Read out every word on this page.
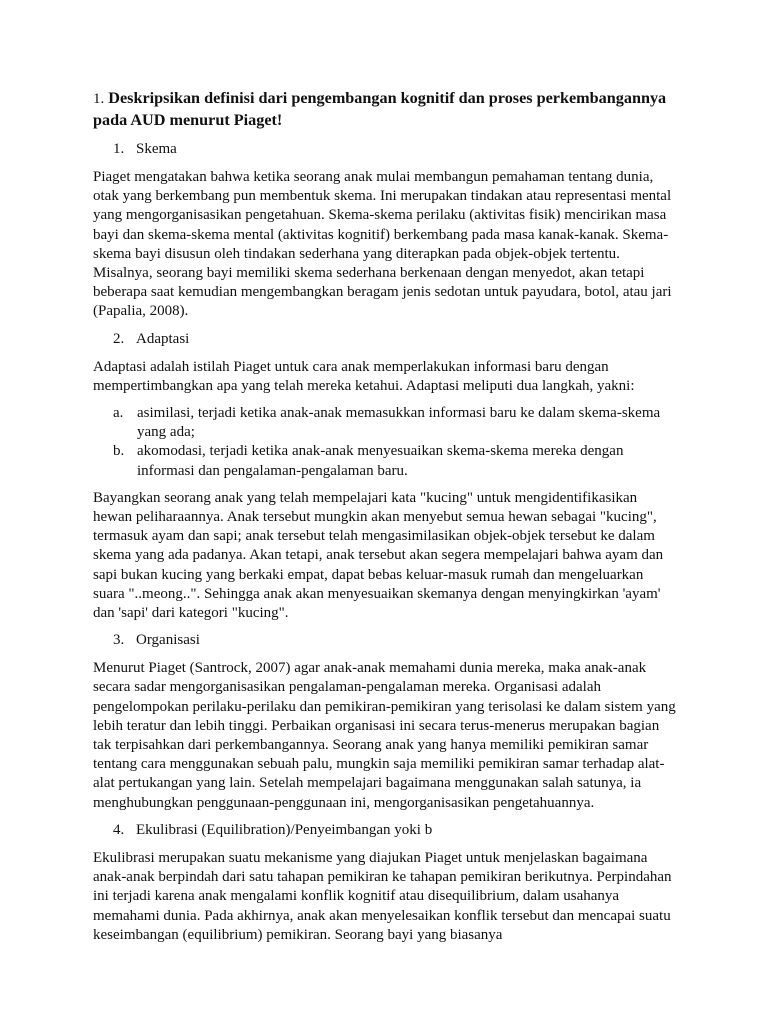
1. Deskripsikan definisi dari pengembangan kognitif dan proses perkembangannya pada AUD menurut Piaget!
1. Skema

Piaget mengatakan bahwa ketika seorang anak mulai membangun pemahaman tentang dunia, otak yang berkembang pun membentuk skema. Ini merupakan tindakan atau representasi mental yang mengorganisasikan pengetahuan. Skema-skema perilaku (aktivitas fisik) mencirikan masa bayi dan skema-skema mental (aktivitas kognitif) berkembang pada masa kanak-kanak. Skema-skema bayi disusun oleh tindakan sederhana yang diterapkan pada objek-objek tertentu. Misalnya, seorang bayi memiliki skema sederhana berkenaan dengan menyedot, akan tetapi beberapa saat kemudian mengembangkan beragam jenis sedotan untuk payudara, botol, atau jari (Papalia, 2008).

2. Adaptasi

Adaptasi adalah istilah Piaget untuk cara anak memperlakukan informasi baru dengan mempertimbangkan apa yang telah mereka ketahui. Adaptasi meliputi dua langkah, yakni:

a. asimilasi, terjadi ketika anak-anak memasukkan informasi baru ke dalam skema-skema yang ada;
b. akomodasi, terjadi ketika anak-anak menyesuaikan skema-skema mereka dengan informasi dan pengalaman-pengalaman baru.

Bayangkan seorang anak yang telah mempelajari kata "kucing" untuk mengidentifikasikan hewan peliharaannya. Anak tersebut mungkin akan menyebut semua hewan sebagai "kucing", termasuk ayam dan sapi; anak tersebut telah mengasimilasikan objek-objek tersebut ke dalam skema yang ada padanya. Akan tetapi, anak tersebut akan segera mempelajari bahwa ayam dan sapi bukan kucing yang berkaki empat, dapat bebas keluar-masuk rumah dan mengeluarkan suara "..meong..". Sehingga anak akan menyesuaikan skemanya dengan menyingkirkan 'ayam' dan 'sapi' dari kategori "kucing".

3. Organisasi

Menurut Piaget (Santrock, 2007) agar anak-anak memahami dunia mereka, maka anak-anak secara sadar mengorganisasikan pengalaman-pengalaman mereka. Organisasi adalah pengelompokan perilaku-perilaku dan pemikiran-pemikiran yang terisolasi ke dalam sistem yang lebih teratur dan lebih tinggi. Perbaikan organisasi ini secara terus-menerus merupakan bagian tak terpisahkan dari perkembangannya. Seorang anak yang hanya memiliki pemikiran samar tentang cara menggunakan sebuah palu, mungkin saja memiliki pemikiran samar terhadap alat-alat pertukangan yang lain. Setelah mempelajari bagaimana menggunakan salah satunya, ia menghubungkan penggunaan-penggunaan ini, mengorganisasikan pengetahuannya.

4. Ekulibrasi (Equilibration)/Penyeimbangan yoki b

Ekulibrasi merupakan suatu mekanisme yang diajukan Piaget untuk menjelaskan bagaimana anak-anak berpindah dari satu tahapan pemikiran ke tahapan pemikiran berikutnya. Perpindahan ini terjadi karena anak mengalami konflik kognitif atau disequilibrium, dalam usahanya memahami dunia. Pada akhirnya, anak akan menyelesaikan konflik tersebut dan mencapai suatu keseimbangan (equilibrium) pemikiran. Seorang bayi yang biasanya
